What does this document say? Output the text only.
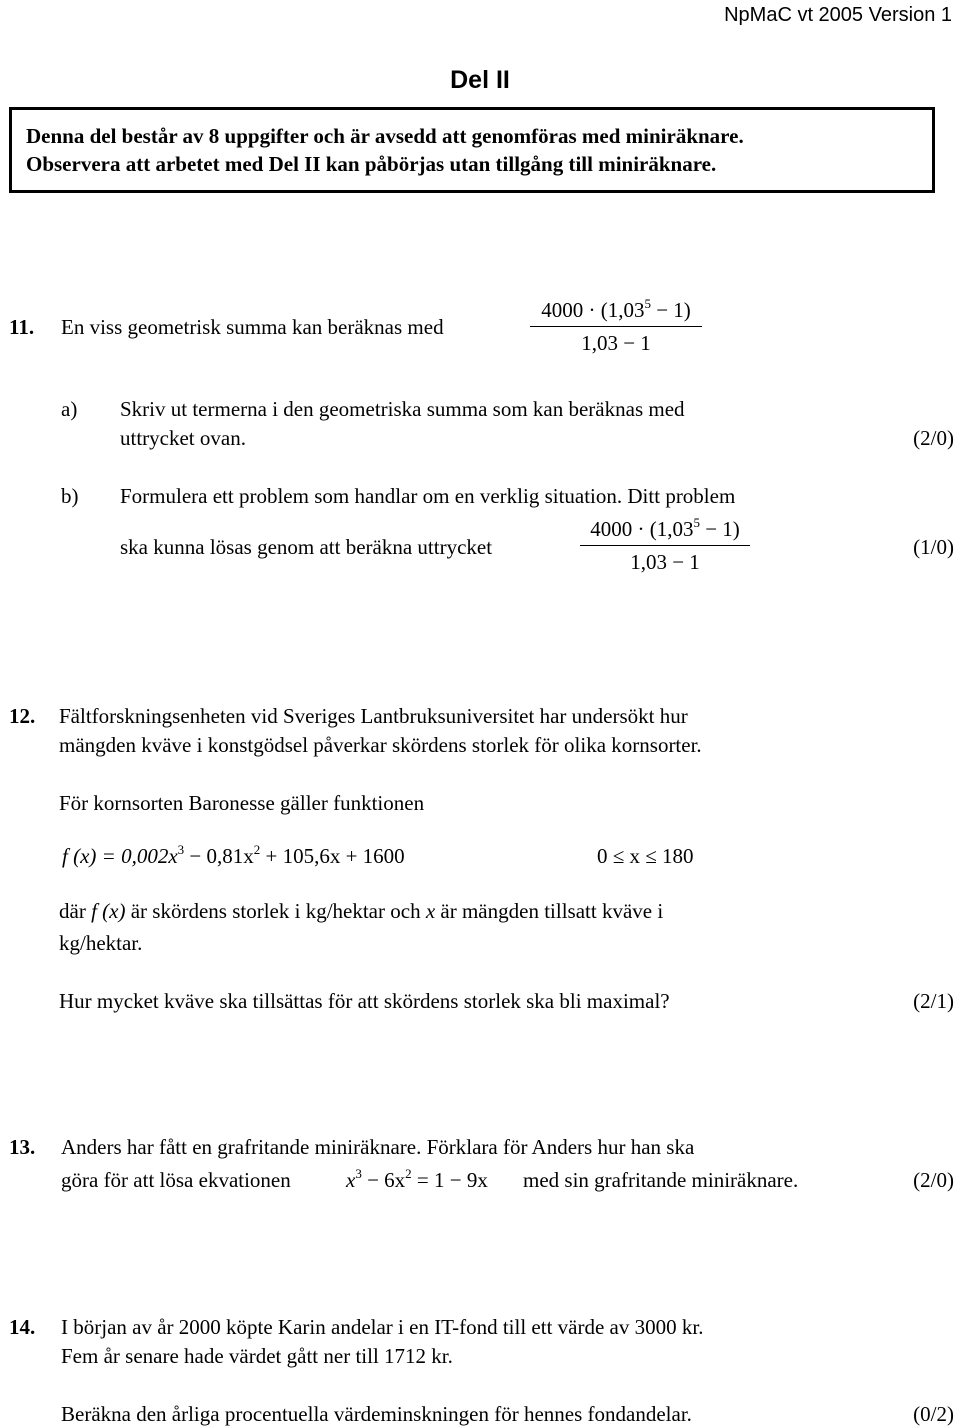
NpMaC vt 2005 Version 1
Del II
Denna del består av 8 uppgifter och är avsedd att genomföras med miniräknare.
Observera att arbetet med Del II kan påbörjas utan tillgång till miniräknare.
11. En viss geometrisk summa kan beräknas med
$4000 \cdot (1,03^5 - 1)$
1,03 − 1
a) Skriv ut termerna i den geometriska summa som kan beräknas med
uttrycket ovan.	(2/0)
b) Formulera ett problem som handlar om en verklig situation. Ditt problem
ska kunna lösas genom att beräkna uttrycket
$4000 \cdot (1,03^5 - 1)$
1,03 − 1
(1/0)
12. Fältforskningsenheten vid Sveriges Lantbruksuniversitet har undersökt hur
mängden kväve i konstgödsel påverkar skördens storlek för olika kornsorter.
För kornsorten Baronesse gäller funktionen
f $(x) = 0,002x^3 - 0,81x^2 + 105,6x + 1600$	0 ≤ x ≤ 180
där f (x) är skördens storlek i kg/hektar och x är mängden tillsatt kväve i
kg/hektar.
Hur mycket kväve ska tillsättas för att skördens storlek ska bli maximal?	(2/1)
13. Anders har fått en grafritande miniräknare. Förklara för Anders hur han ska
göra för att lösa ekvationen	$x^3 - 6x^2 = 1 - 9x$ med sin grafritande miniräknare.	(2/0)
14. I början av år 2000 köpte Karin andelar i en IT-fond till ett värde av 3000 kr.
Fem år senare hade värdet gått ner till 1712 kr.
Beräkna den årliga procentuella värdeminskningen för hennes fondandelar.	(0/2)
